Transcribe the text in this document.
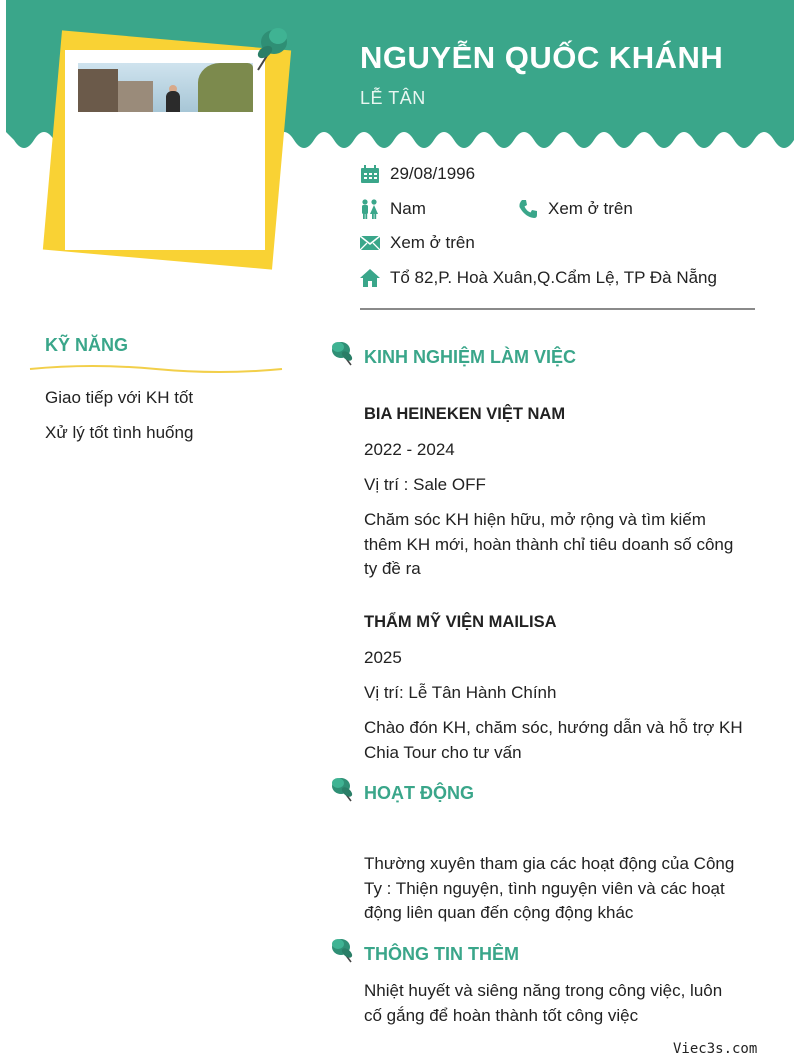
NGUYỄN QUỐC KHÁNH
LỄ TÂN
29/08/1996
Nam	Xem ở trên
Xem ở trên
Tổ 82,P. Hoà Xuân,Q.Cẩm Lệ, TP Đà Nẵng
KỸ NĂNG
Giao tiếp với KH tốt
Xử lý tốt tình huống
KINH NGHIỆM LÀM VIỆC
BIA HEINEKEN VIỆT NAM
2022 - 2024
Vị trí : Sale OFF
Chăm sóc KH hiện hữu, mở rộng và tìm kiếm thêm KH mới, hoàn thành chỉ tiêu doanh số công ty đề ra
THẨM MỸ VIỆN MAILISA
2025
Vị trí: Lễ Tân Hành Chính
Chào đón KH, chăm sóc, hướng dẫn và hỗ trợ KH Chia Tour cho tư vấn
HOẠT ĐỘNG
Thường xuyên tham gia các hoạt động của Công Ty : Thiện nguyện, tình nguyện viên và các hoạt động liên quan đến cộng động khác
THÔNG TIN THÊM
Nhiệt huyết và siêng năng trong công việc, luôn cố gắng để hoàn thành tốt công việc
Viec3s.com
